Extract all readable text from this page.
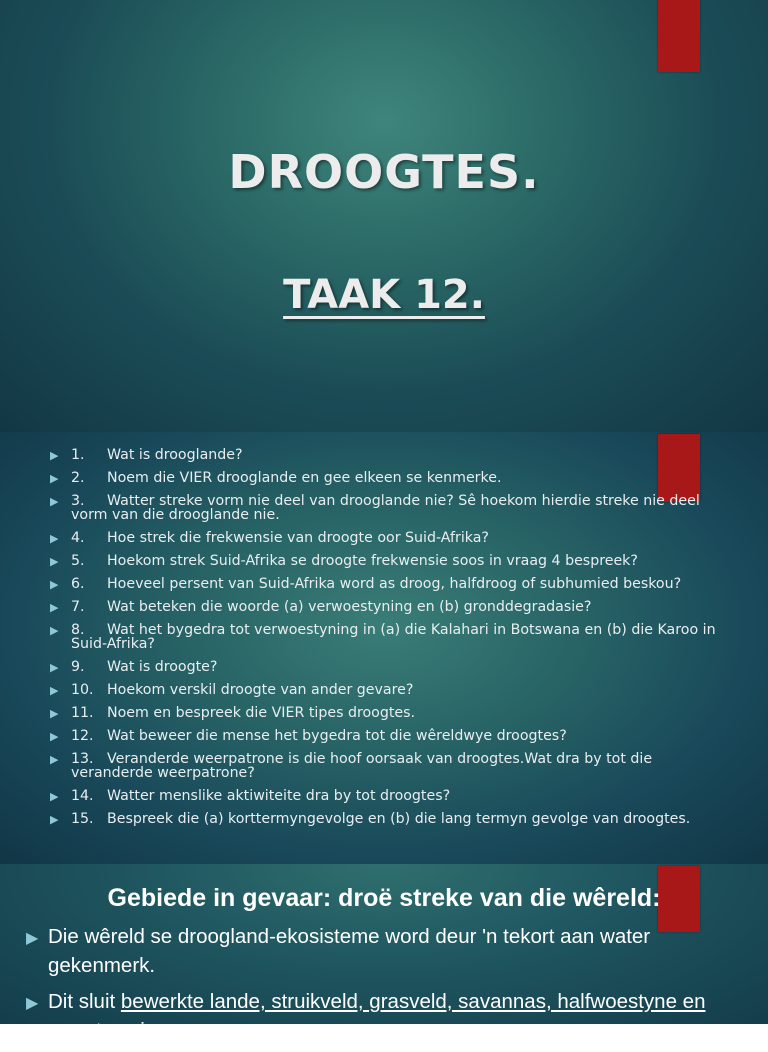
DROOGTES.
TAAK 12.
▶ 1. Wat is drooglande?
▶ 2. Noem die VIER drooglande en gee elkeen se kenmerke.
▶ 3. Watter streke vorm nie deel van drooglande nie? Sê hoekom hierdie streke nie deel vorm van die drooglande nie.
▶ 4. Hoe strek die frekwensie van droogte oor Suid-Afrika?
▶ 5. Hoekom strek Suid-Afrika se droogte frekwensie soos in vraag 4 bespreek?
▶ 6. Hoeveel persent van Suid-Afrika word as droog, halfdroog of subhumied beskou?
▶ 7. Wat beteken die woorde (a) verwoestyning en (b) gronddegradasie?
▶ 8. Wat het bygedra tot verwoestyning in (a) die Kalahari in Botswana en (b) die Karoo in Suid-Afrika?
▶ 9. Wat is droogte?
▶ 10. Hoekom verskil droogte van ander gevare?
▶ 11. Noem en bespreek die VIER tipes droogtes.
▶ 12. Wat beweer die mense het bygedra tot die wêreldwye droogtes?
▶ 13. Veranderde weerpatrone is die hoof oorsaak van droogtes.Wat dra by tot die veranderde weerpatrone?
▶ 14. Watter menslike aktiwiteite dra by tot droogtes?
▶ 15. Bespreek die (a) korttermyngevolge en (b) die lang termyn gevolge van droogtes.
Gebiede in gevaar: droë streke van die wêreld:
▶ Die wêreld se droogland-ekosisteme word deur 'n tekort aan water gekenmerk.
▶ Dit sluit bewerkte lande, struikveld, grasveld, savannas, halfwoestyne en woestyne in.
